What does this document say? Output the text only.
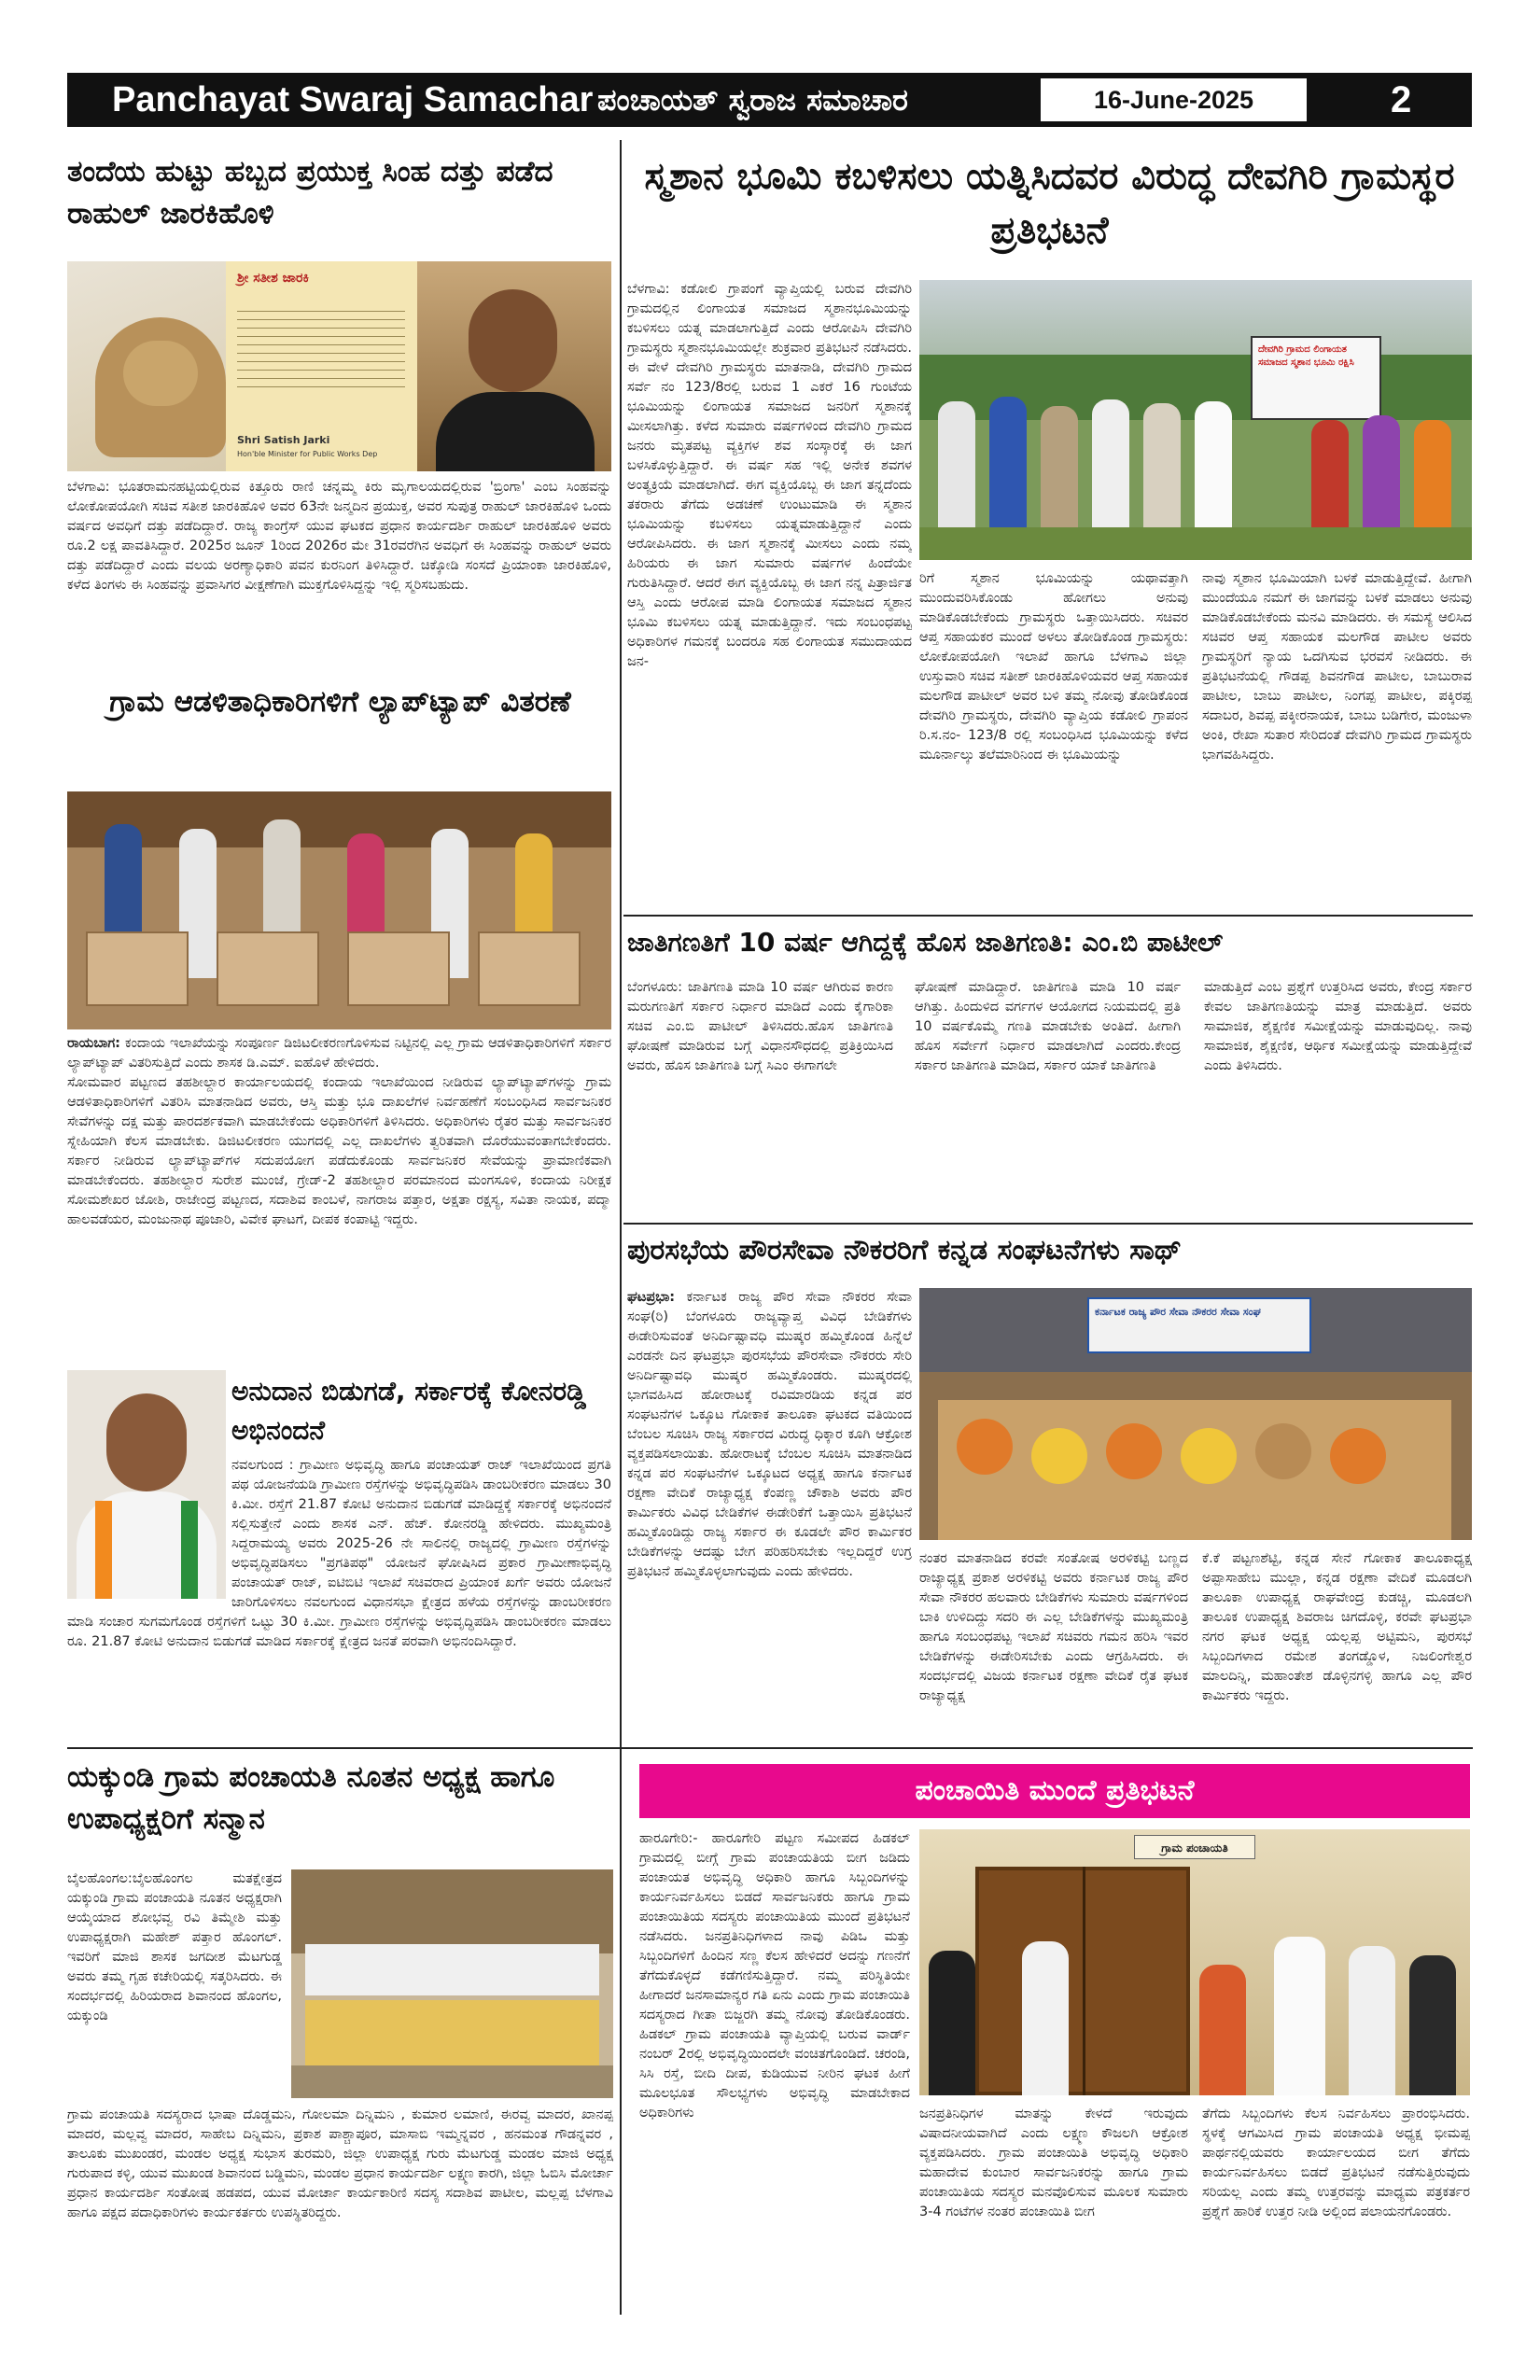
Panchayat Swaraj Samachar ಪಂಚಾಯತ್ ಸ್ವರಾಜ ಸಮಾಚಾರ	16-June-2025	2
ತಂದೆಯ ಹುಟ್ಟು ಹಬ್ಬದ ಪ್ರಯುಕ್ತ ಸಿಂಹ ದತ್ತು ಪಡೆದ ರಾಹುಲ್ ಜಾರಕಿಹೊಳಿ
ಶ್ರೀ ಸತೀಶ ಜಾರಕಿ
Shri Satish Jarki
Hon'ble Minister for Public Works Dep
ಬೆಳಗಾವಿ: ಭೂತರಾಮನಹಟ್ಟಿಯಲ್ಲಿರುವ ಕಿತ್ತೂರು ರಾಣಿ ಚನ್ನಮ್ಮ ಕಿರು ಮೃಗಾಲಯದಲ್ಲಿರುವ 'ಬ್ರಿಂಗಾ' ಎಂಬ ಸಿಂಹವನ್ನು ಲೋಕೋಪಯೋಗಿ ಸಚಿವ ಸತೀಶ ಜಾರಕಿಹೊಳಿ ಅವರ 63ನೇ ಜನ್ಮದಿನ ಪ್ರಯುಕ್ತ, ಅವರ ಸುಪುತ್ರ ರಾಹುಲ್ ಜಾರಕಿಹೊಳಿ ಒಂದು ವರ್ಷದ ಅವಧಿಗೆ ದತ್ತು ಪಡೆದಿದ್ದಾರೆ. ರಾಜ್ಯ ಕಾಂಗ್ರೆಸ್ ಯುವ ಘಟಕದ ಪ್ರಧಾನ ಕಾರ್ಯದರ್ಶಿ ರಾಹುಲ್ ಜಾರಕಿಹೊಳಿ ಅವರು ರೂ.2 ಲಕ್ಷ ಪಾವತಿಸಿದ್ದಾರೆ. 2025ರ ಜೂನ್ 1ರಿಂದ 2026ರ ಮೇ 31ರವರೆಗಿನ ಅವಧಿಗೆ ಈ ಸಿಂಹವನ್ನು ರಾಹುಲ್ ಅವರು ದತ್ತು ಪಡೆದಿದ್ದಾರೆ ಎಂದು ವಲಯ ಅರಣ್ಯಾಧಿಕಾರಿ ಪವನ ಕುರನಿಂಗ ತಿಳಿಸಿದ್ದಾರೆ. ಚಿಕ್ಕೋಡಿ ಸಂಸದೆ ಪ್ರಿಯಾಂಕಾ ಜಾರಕಿಹೊಳಿ, ಕಳೆದ ತಿಂಗಳು ಈ ಸಿಂಹವನ್ನು ಪ್ರವಾಸಿಗರ ವೀಕ್ಷಣೆಗಾಗಿ ಮುಕ್ತಗೊಳಿಸಿದ್ದನ್ನು ಇಲ್ಲಿ ಸ್ಮರಿಸಬಹುದು.
ಗ್ರಾಮ ಆಡಳಿತಾಧಿಕಾರಿಗಳಿಗೆ ಲ್ಯಾಪ್‌ಟ್ಯಾಪ್ ವಿತರಣೆ
ರಾಯಬಾಗ: ಕಂದಾಯ ಇಲಾಖೆಯನ್ನು ಸಂಪೂರ್ಣ ಡಿಜಿಟಲೀಕರಣಗೊಳಿಸುವ ನಿಟ್ಟಿನಲ್ಲಿ ಎಲ್ಲ ಗ್ರಾಮ ಆಡಳಿತಾಧಿಕಾರಿಗಳಿಗೆ ಸರ್ಕಾರ ಲ್ಯಾಪ್‌ಟ್ಯಾಪ್ ವಿತರಿಸುತ್ತಿದೆ ಎಂದು ಶಾಸಕ ಡಿ.ಎಮ್. ಐಹೊಳೆ ಹೇಳಿದರು.
ಸೋಮವಾರ ಪಟ್ಟಣದ ತಹಶೀಲ್ದಾರ ಕಾರ್ಯಾಲಯದಲ್ಲಿ ಕಂದಾಯ ಇಲಾಖೆಯಿಂದ ನೀಡಿರುವ ಲ್ಯಾಪ್‌ಟ್ಯಾಪ್‌ಗಳನ್ನು ಗ್ರಾಮ ಆಡಳಿತಾಧಿಕಾರಿಗಳಿಗೆ ವಿತರಿಸಿ ಮಾತನಾಡಿದ ಅವರು, ಆಸ್ತಿ ಮತ್ತು ಭೂ ದಾಖಲೆಗಳ ನಿರ್ವಹಣೆಗೆ ಸಂಬಂಧಿಸಿದ ಸಾರ್ವಜನಿಕರ ಸೇವೆಗಳನ್ನು ದಕ್ಷ ಮತ್ತು ಪಾರದರ್ಶಕವಾಗಿ ಮಾಡಬೇಕೆಂದು ಅಧಿಕಾರಿಗಳಿಗೆ ತಿಳಿಸಿದರು. ಅಧಿಕಾರಿಗಳು ರೈತರ ಮತ್ತು ಸಾರ್ವಜನಿಕರ ಸ್ನೇಹಿಯಾಗಿ ಕೆಲಸ ಮಾಡಬೇಕು. ಡಿಜಿಟಲೀಕರಣ ಯುಗದಲ್ಲಿ ಎಲ್ಲ ದಾಖಲೆಗಳು ತ್ವರಿತವಾಗಿ ದೊರೆಯುವಂತಾಗಬೇಕೆಂದರು. ಸರ್ಕಾರ ನೀಡಿರುವ ಲ್ಯಾಪ್‌ಟ್ಯಾಪ್‌ಗಳ ಸದುಪಯೋಗ ಪಡೆದುಕೊಂಡು ಸಾರ್ವಜನಿಕರ ಸೇವೆಯನ್ನು ಪ್ರಾಮಾಣಿಕವಾಗಿ ಮಾಡಬೇಕೆಂದರು. ತಹಶೀಲ್ದಾರ ಸುರೇಶ ಮುಂಜೆ, ಗ್ರೇಡ್-2 ತಹಶೀಲ್ದಾರ ಪರಮಾನಂದ ಮಂಗಸೂಳಿ, ಕಂದಾಯ ನಿರೀಕ್ಷಕ ಸೋಮಶೇಖರ ಜೋಶಿ, ರಾಜೇಂದ್ರ ಪಟ್ಟಣದ, ಸದಾಶಿವ ಕಾಂಬಳೆ, ನಾಗರಾಜ ಪತ್ತಾರ, ಅಕ್ಷತಾ ರಕ್ಷಸ್ಯ, ಸವಿತಾ ನಾಯಕ, ಪದ್ಮಾ ಹಾಲವಡೆಯರ, ಮಂಜುನಾಥ ಪೂಜಾರಿ, ವಿವೇಕ ಘಾಟಗೆ, ದೀಪಕ ಕಂಪಾಟ್ಟಿ ಇದ್ದರು.
ಅನುದಾನ ಬಿಡುಗಡೆ, ಸರ್ಕಾರಕ್ಕೆ ಕೋನರಡ್ಡಿ ಅಭಿನಂದನೆ
ನವಲಗುಂದ : ಗ್ರಾಮೀಣ ಅಭಿವೃದ್ಧಿ ಹಾಗೂ ಪಂಚಾಯತ್ ರಾಜ್ ಇಲಾಖೆಯಿಂದ ಪ್ರಗತಿ ಪಥ ಯೋಜನೆಯಡಿ ಗ್ರಾಮೀಣ ರಸ್ತೆಗಳನ್ನು ಅಭಿವೃದ್ಧಿಪಡಿಸಿ ಡಾಂಬರೀಕರಣ ಮಾಡಲು 30 ಕಿ.ಮೀ. ರಸ್ತೆಗೆ 21.87 ಕೋಟಿ ಅನುದಾನ ಬಿಡುಗಡೆ ಮಾಡಿದ್ದಕ್ಕೆ ಸರ್ಕಾರಕ್ಕೆ ಅಭಿನಂದನೆ ಸಲ್ಲಿಸುತ್ತೇನೆ ಎಂದು ಶಾಸಕ ಎನ್. ಹೆಚ್. ಕೋನರಡ್ಡಿ ಹೇಳಿದರು. ಮುಖ್ಯಮಂತ್ರಿ ಸಿದ್ದರಾಮಯ್ಯ ಅವರು 2025-26 ನೇ ಸಾಲಿನಲ್ಲಿ ರಾಜ್ಯದಲ್ಲಿ ಗ್ರಾಮೀಣ ರಸ್ತೆಗಳನ್ನು ಅಭಿವೃದ್ಧಿಪಡಿಸಲು "ಪ್ರಗತಿಪಥ" ಯೋಜನೆ ಘೋಷಿಸಿದ ಪ್ರಕಾರ ಗ್ರಾಮೀಣಾಭಿವೃದ್ಧಿ ಪಂಚಾಯತ್ ರಾಜ್, ಐಟಿಬಿಟಿ ಇಲಾಖೆ ಸಚಿವರಾದ ಪ್ರಿಯಾಂಕ ಖರ್ಗೆ ಅವರು ಯೋಜನೆ ಜಾರಿಗೊಳಿಸಲು ನವಲಗುಂದ ವಿಧಾನಸಭಾ ಕ್ಷೇತ್ರದ ಹಳೆಯ ರಸ್ತೆಗಳನ್ನು ಡಾಂಬರೀಕರಣ ಮಾಡಿ ಸಂಚಾರ ಸುಗಮಗೊಂಡ ರಸ್ತೆಗಳಿಗೆ ಒಟ್ಟು 30 ಕಿ.ಮೀ. ಗ್ರಾಮೀಣ ರಸ್ತೆಗಳನ್ನು ಅಭಿವೃದ್ಧಿಪಡಿಸಿ ಡಾಂಬರೀಕರಣ ಮಾಡಲು ರೂ. 21.87 ಕೋಟಿ ಅನುದಾನ ಬಿಡುಗಡೆ ಮಾಡಿದ ಸರ್ಕಾರಕ್ಕೆ ಕ್ಷೇತ್ರದ ಜನತೆ ಪರವಾಗಿ ಅಭಿನಂದಿಸಿದ್ದಾರೆ.
ಸ್ಮಶಾನ ಭೂಮಿ ಕಬಳಿಸಲು ಯತ್ನಿಸಿದವರ ವಿರುದ್ಧ ದೇವಗಿರಿ ಗ್ರಾಮಸ್ಥರ ಪ್ರತಿಭಟನೆ
ಬೆಳಗಾವಿ: ಕಡೋಲಿ ಗ್ರಾಪಂಗೆ ವ್ಯಾಪ್ತಿಯಲ್ಲಿ ಬರುವ ದೇವಗಿರಿ ಗ್ರಾಮದಲ್ಲಿನ ಲಿಂಗಾಯತ ಸಮಾಜದ ಸ್ಮಶಾನಭೂಮಿಯನ್ನು ಕಬಳಿಸಲು ಯತ್ನ ಮಾಡಲಾಗುತ್ತಿದೆ ಎಂದು ಆರೋಪಿಸಿ ದೇವಗಿರಿ ಗ್ರಾಮಸ್ಥರು ಸ್ಮಶಾನಭೂಮಿಯಲ್ಲೇ ಶುಕ್ರವಾರ ಪ್ರತಿಭಟನೆ ನಡೆಸಿದರು. ಈ ವೇಳೆ ದೇವಗಿರಿ ಗ್ರಾಮಸ್ಥರು ಮಾತನಾಡಿ, ದೇವಗಿರಿ ಗ್ರಾಮದ ಸರ್ವೆ ನಂ 123/8ರಲ್ಲಿ ಬರುವ 1 ಎಕರೆ 16 ಗುಂಟೆಯ ಭೂಮಿಯನ್ನು ಲಿಂಗಾಯತ ಸಮಾಜದ ಜನರಿಗೆ ಸ್ಮಶಾನಕ್ಕೆ ಮೀಸಲಾಗಿತ್ತು. ಕಳೆದ ಸುಮಾರು ವರ್ಷಗಳಿಂದ ದೇವಗಿರಿ ಗ್ರಾಮದ ಜನರು ಮೃತಪಟ್ಟ ವ್ಯಕ್ತಿಗಳ ಶವ ಸಂಸ್ಕಾರಕ್ಕೆ ಈ ಜಾಗ ಬಳಸಿಕೊಳ್ಳುತ್ತಿದ್ದಾರೆ. ಈ ವರ್ಷ ಸಹ ಇಲ್ಲಿ ಅನೇಕ ಶವಗಳ ಅಂತ್ಯಕ್ರಿಯೆ ಮಾಡಲಾಗಿದೆ. ಈಗ ವ್ಯಕ್ತಿಯೊಬ್ಬ ಈ ಜಾಗ ತನ್ನದೆಂದು ತಕರಾರು ತೆಗೆದು ಅಡಚಣೆ ಉಂಟುಮಾಡಿ ಈ ಸ್ಮಶಾನ ಭೂಮಿಯನ್ನು ಕಬಳಿಸಲು ಯತ್ನಮಾಡುತ್ತಿದ್ದಾನೆ ಎಂದು ಆರೋಪಿಸಿದರು. ಈ ಜಾಗ ಸ್ಮಶಾನಕ್ಕೆ ಮೀಸಲು ಎಂದು ನಮ್ಮ ಹಿರಿಯರು ಈ ಜಾಗ ಸುಮಾರು ವರ್ಷಗಳ ಹಿಂದೆಯೇ ಗುರುತಿಸಿದ್ದಾರೆ. ಆದರೆ ಈಗ ವ್ಯಕ್ತಿಯೊಬ್ಬ ಈ ಜಾಗ ನನ್ನ ಪಿತ್ರಾರ್ಜಿತ ಆಸ್ತಿ ಎಂದು ಆರೋಪ ಮಾಡಿ ಲಿಂಗಾಯತ ಸಮಾಜದ ಸ್ಮಶಾನ ಭೂಮಿ ಕಬಳಿಸಲು ಯತ್ನ ಮಾಡುತ್ತಿದ್ದಾನೆ. ಇದು ಸಂಬಂಧಪಟ್ಟ ಅಧಿಕಾರಿಗಳ ಗಮನಕ್ಕೆ ಬಂದರೂ ಸಹ ಲಿಂಗಾಯತ ಸಮುದಾಯದ ಜನ-
ದೇವಗಿರಿ ಗ್ರಾಮದ ಲಿಂಗಾಯತ ಸಮಾಜದ ಸ್ಮಶಾನ ಭೂಮಿ ರಕ್ಷಿಸಿ
ರಿಗೆ ಸ್ಮಶಾನ ಭೂಮಿಯನ್ನು ಯಥಾವತ್ತಾಗಿ ಮುಂದುವರಿಸಿಕೊಂಡು ಹೋಗಲು ಅನುವು ಮಾಡಿಕೊಡಬೇಕೆಂದು ಗ್ರಾಮಸ್ಥರು ಒತ್ತಾಯಿಸಿದರು. ಸಚಿವರ ಆಪ್ತ ಸಹಾಯಕರ ಮುಂದೆ ಅಳಲು ತೋಡಿಕೊಂಡ ಗ್ರಾಮಸ್ಥರು: ಲೋಕೋಪಯೋಗಿ ಇಲಾಖೆ ಹಾಗೂ ಬೆಳಗಾವಿ ಜಿಲ್ಲಾ ಉಸ್ತುವಾರಿ ಸಚಿವ ಸತೀಶ್ ಜಾರಕಿಹೊಳಿಯವರ ಆಪ್ತ ಸಹಾಯಕ ಮಲಗೌಡ ಪಾಟೀಲ್ ಅವರ ಬಳಿ ತಮ್ಮ ನೋವು ತೋಡಿಕೊಂಡ ದೇವಗಿರಿ ಗ್ರಾಮಸ್ಥರು, ದೇವಗಿರಿ ವ್ಯಾಪ್ತಿಯ ಕಡೋಲಿ ಗ್ರಾಪಂನ ರಿ.ಸ.ನಂ- 123/8 ರಲ್ಲಿ ಸಂಬಂಧಿಸಿದ ಭೂಮಿಯನ್ನು ಕಳೆದ ಮೂರ್ನಾಲ್ಕು ತಲೆಮಾರಿನಿಂದ ಈ ಭೂಮಿಯನ್ನು
ನಾವು ಸ್ಮಶಾನ ಭೂಮಿಯಾಗಿ ಬಳಕೆ ಮಾಡುತ್ತಿದ್ದೇವೆ. ಹೀಗಾಗಿ ಮುಂದೆಯೂ ನಮಗೆ ಈ ಜಾಗವನ್ನು ಬಳಕೆ ಮಾಡಲು ಅನುವು ಮಾಡಿಕೊಡಬೇಕೆಂದು ಮನವಿ ಮಾಡಿದರು. ಈ ಸಮಸ್ಯೆ ಆಲಿಸಿದ ಸಚಿವರ ಆಪ್ತ ಸಹಾಯಕ ಮಲಗೌಡ ಪಾಟೀಲ ಅವರು ಗ್ರಾಮಸ್ಥರಿಗೆ ನ್ಯಾಯ ಒದಗಿಸುವ ಭರವಸೆ ನೀಡಿದರು. ಈ ಪ್ರತಿಭಟನೆಯಲ್ಲಿ ಗೌಡಪ್ಪ ಶಿವನಗೌಡ ಪಾಟೀಲ, ಬಾಬುರಾವ ಪಾಟೀಲ, ಬಾಬು ಪಾಟೀಲ, ನಿಂಗಪ್ಪ ಪಾಟೀಲ, ಪಕ್ಕಿರಪ್ಪ ಸದಾಬರ, ಶಿವಪ್ಪ ಪಕ್ಕೀರನಾಯಕ, ಬಾಬು ಬಡಿಗೇರ, ಮಂಜುಳಾ ಅಂಕಿ, ರೇಖಾ ಸುತಾರ ಸೇರಿದಂತೆ ದೇವಗಿರಿ ಗ್ರಾಮದ ಗ್ರಾಮಸ್ಥರು ಭಾಗವಹಿಸಿದ್ದರು.
ಜಾತಿಗಣತಿಗೆ 10 ವರ್ಷ ಆಗಿದ್ದಕ್ಕೆ ಹೊಸ ಜಾತಿಗಣತಿ: ಎಂ.ಬಿ ಪಾಟೀಲ್
ಬೆಂಗಳೂರು: ಜಾತಿಗಣತಿ ಮಾಡಿ 10 ವರ್ಷ ಆಗಿರುವ ಕಾರಣ ಮರುಗಣತಿಗೆ ಸರ್ಕಾರ ನಿರ್ಧಾರ ಮಾಡಿದೆ ಎಂದು ಕೈಗಾರಿಕಾ ಸಚಿವ ಎಂ.ಬಿ ಪಾಟೀಲ್ ತಿಳಿಸಿದರು.ಹೊಸ ಜಾತಿಗಣತಿ ಘೋಷಣೆ ಮಾಡಿರುವ ಬಗ್ಗೆ ವಿಧಾನಸೌಧದಲ್ಲಿ ಪ್ರತಿಕ್ರಿಯಿಸಿದ ಅವರು, ಹೊಸ ಜಾತಿಗಣತಿ ಬಗ್ಗೆ ಸಿಎಂ ಈಗಾಗಲೇ
ಘೋಷಣೆ ಮಾಡಿದ್ದಾರೆ. ಜಾತಿಗಣತಿ ಮಾಡಿ 10 ವರ್ಷ ಆಗಿತ್ತು. ಹಿಂದುಳಿದ ವರ್ಗಗಳ ಆಯೋಗದ ನಿಯಮದಲ್ಲಿ ಪ್ರತಿ 10 ವರ್ಷಕೊಮ್ಮೆ ಗಣತಿ ಮಾಡಬೇಕು ಅಂತಿದೆ. ಹೀಗಾಗಿ ಹೊಸ ಸರ್ವೇಗೆ ನಿರ್ಧಾರ ಮಾಡಲಾಗಿದೆ ಎಂದರು.ಕೇಂದ್ರ ಸರ್ಕಾರ ಜಾತಿಗಣತಿ ಮಾಡಿದ, ಸರ್ಕಾರ ಯಾಕೆ ಜಾತಿಗಣತಿ
ಮಾಡುತ್ತಿದೆ ಎಂಬ ಪ್ರಶ್ನೆಗೆ ಉತ್ತರಿಸಿದ ಅವರು, ಕೇಂದ್ರ ಸರ್ಕಾರ ಕೇವಲ ಜಾತಿಗಣತಿಯನ್ನು ಮಾತ್ರ ಮಾಡುತ್ತಿದೆ. ಅವರು ಸಾಮಾಜಿಕ, ಶೈಕ್ಷಣಿಕ ಸಮೀಕ್ಷೆಯನ್ನು ಮಾಡುವುದಿಲ್ಲ. ನಾವು ಸಾಮಾಜಿಕ, ಶೈಕ್ಷಣಿಕ, ಆರ್ಥಿಕ ಸಮೀಕ್ಷೆಯನ್ನು ಮಾಡುತ್ತಿದ್ದೇವೆ ಎಂದು ತಿಳಿಸಿದರು.
ಪುರಸಭೆಯ ಪೌರಸೇವಾ ನೌಕರರಿಗೆ ಕನ್ನಡ ಸಂಘಟನೆಗಳು ಸಾಥ್
ಘಟಪ್ರಭಾ: ಕರ್ನಾಟಕ ರಾಜ್ಯ ಪೌರ ಸೇವಾ ನೌಕರರ ಸೇವಾ ಸಂಘ(ರಿ) ಬೆಂಗಳೂರು ರಾಜ್ಯವ್ಯಾಪ್ತ ವಿವಿಧ ಬೇಡಿಕೆಗಳು ಈಡೇರಿಸುವಂತೆ ಅನಿರ್ದಿಷ್ಟಾವಧಿ ಮುಷ್ಕರ ಹಮ್ಮಿಕೊಂಡ ಹಿನ್ನೆಲೆ ಎರಡನೇ ದಿನ ಘಟಪ್ರಭಾ ಪುರಸಭೆಯ ಪೌರಸೇವಾ ನೌಕರರು ಸೇರಿ ಅನಿರ್ದಿಷ್ಟಾವಧಿ ಮುಷ್ಕರ ಹಮ್ಮಿಕೊಂಡರು. ಮುಷ್ಕರದಲ್ಲಿ ಭಾಗವಹಿಸಿದ ಹೋರಾಟಕ್ಕೆ ರವಿಮಾರಡಿಯ ಕನ್ನಡ ಪರ ಸಂಘಟನೆಗಳ ಒಕ್ಕೂಟ ಗೋಕಾಕ ತಾಲೂಕಾ ಘಟಕದ ವತಿಯಿಂದ ಬೆಂಬಲ ಸೂಚಿಸಿ ರಾಜ್ಯ ಸರ್ಕಾರದ ವಿರುದ್ಧ ಧಿಕ್ಕಾರ ಕೂಗಿ ಆಕ್ರೋಶ ವ್ಯಕ್ತಪಡಿಸಲಾಯಿತು. ಹೋರಾಟಕ್ಕೆ ಬೆಂಬಲ ಸೂಚಿಸಿ ಮಾತನಾಡಿದ ಕನ್ನಡ ಪರ ಸಂಘಟನೆಗಳ ಒಕ್ಕೂಟದ ಅಧ್ಯಕ್ಷ ಹಾಗೂ ಕರ್ನಾಟಕ ರಕ್ಷಣಾ ವೇದಿಕೆ ರಾಜ್ಯಾಧ್ಯಕ್ಷ ಕೆಂಪಣ್ಣ ಚೌಕಾಶಿ ಅವರು ಪೌರ ಕಾರ್ಮಿಕರು ವಿವಿಧ ಬೇಡಿಕೆಗಳ ಈಡೇರಿಕೆಗೆ ಒತ್ತಾಯಿಸಿ ಪ್ರತಿಭಟನೆ ಹಮ್ಮಿಕೊಂಡಿದ್ದು ರಾಜ್ಯ ಸರ್ಕಾರ ಈ ಕೂಡಲೇ ಪೌರ ಕಾರ್ಮಿಕರ ಬೇಡಿಕೆಗಳನ್ನು ಆದಷ್ಟು ಬೇಗ ಪರಿಹರಿಸಬೇಕು ಇಲ್ಲದಿದ್ದರೆ ಉಗ್ರ ಪ್ರತಿಭಟನೆ ಹಮ್ಮಿಕೊಳ್ಳಲಾಗುವುದು ಎಂದು ಹೇಳಿದರು.
ಕರ್ನಾಟಕ ರಾಜ್ಯ ಪೌರ ಸೇವಾ ನೌಕರರ ಸೇವಾ ಸಂಘ
ನಂತರ ಮಾತನಾಡಿದ ಕರವೇ ಸಂತೋಷ ಅರಳಿಕಟ್ಟಿ ಬಣ್ಣದ ರಾಜ್ಯಾಧ್ಯಕ್ಷ ಪ್ರಕಾಶ ಅರಳಿಕಟ್ಟಿ ಅವರು ಕರ್ನಾಟಕ ರಾಜ್ಯ ಪೌರ ಸೇವಾ ನೌಕರರ ಹಲವಾರು ಬೇಡಿಕೆಗಳು ಸುಮಾರು ವರ್ಷಗಳಿಂದ ಬಾಕಿ ಉಳಿದಿದ್ದು ಸದರಿ ಈ ಎಲ್ಲ ಬೇಡಿಕೆಗಳನ್ನು ಮುಖ್ಯಮಂತ್ರಿ ಹಾಗೂ ಸಂಬಂಧಪಟ್ಟ ಇಲಾಖೆ ಸಚಿವರು ಗಮನ ಹರಿಸಿ ಇವರ ಬೇಡಿಕೆಗಳನ್ನು ಈಡೇರಿಸಬೇಕು ಎಂದು ಆಗ್ರಹಿಸಿದರು. ಈ ಸಂದರ್ಭದಲ್ಲಿ ವಿಜಯ ಕರ್ನಾಟಕ ರಕ್ಷಣಾ ವೇದಿಕೆ ರೈತ ಘಟಕ ರಾಜ್ಯಾಧ್ಯಕ್ಷ
ಕೆ.ಕೆ ಪಟ್ಟಣಶೆಟ್ಟಿ, ಕನ್ನಡ ಸೇನೆ ಗೋಕಾಕ ತಾಲೂಕಾಧ್ಯಕ್ಷ ಅಪ್ಪಾಸಾಹೇಬ ಮುಲ್ಲಾ, ಕನ್ನಡ ರಕ್ಷಣಾ ವೇದಿಕೆ ಮೂಡಲಗಿ ತಾಲೂಕಾ ಉಪಾಧ್ಯಕ್ಷ ರಾಘವೇಂದ್ರ ಕುಡಚ್ಚಿ, ಮೂಡಲಗಿ ತಾಲೂಕ ಉಪಾಧ್ಯಕ್ಷ ಶಿವರಾಜ ಚಿಗದೊಳ್ಳಿ, ಕರವೇ ಘಟಪ್ರಭಾ ನಗರ ಘಟಕ ಅಧ್ಯಕ್ಷ ಯಲ್ಲಪ್ಪ ಅಟ್ಟಿಮನಿ, ಪುರಸಭೆ ಸಿಬ್ಬಂದಿಗಳಾದ ರಮೇಶ ತಂಗಡ್ಡೊಳ, ನಿಜಲಿಂಗೇಶ್ವರ ಮಾಲದಿನ್ನಿ, ಮಹಾಂತೇಶ ಡೊಳ್ಳಿನಗಳ್ಳಿ ಹಾಗೂ ಎಲ್ಲ ಪೌರ ಕಾರ್ಮಿಕರು ಇದ್ದರು.
ಯಕ್ಕುಂಡಿ ಗ್ರಾಮ ಪಂಚಾಯತಿ ನೂತನ ಅಧ್ಯಕ್ಷ ಹಾಗೂ ಉಪಾಧ್ಯಕ್ಷರಿಗೆ ಸನ್ಮಾನ
ಬೈಲಹೊಂಗಲ:ಬೈಲಹೊಂಗಲ ಮತಕ್ಷೇತ್ರದ ಯಕ್ಕುಂಡಿ ಗ್ರಾಮ ಪಂಚಾಯತಿ ನೂತನ ಅಧ್ಯಕ್ಷರಾಗಿ ಆಯ್ಕೆಯಾದ ಶೋಭವ್ವ ರವಿ ತಿಮ್ಮೇಶಿ ಮತ್ತು ಉಪಾಧ್ಯಕ್ಷರಾಗಿ ಮಹೇಶ್ ಪತ್ತಾರ ಹೊಂಗಲ್. ಇವರಿಗೆ ಮಾಜಿ ಶಾಸಕ ಜಗದೀಶ ಮೆಟಗುಡ್ಡ ಅವರು ತಮ್ಮ ಗೃಹ ಕಚೇರಿಯಲ್ಲಿ ಸತ್ಕರಿಸಿದರು. ಈ ಸಂದರ್ಭದಲ್ಲಿ ಹಿರಿಯರಾದ ಶಿವಾನಂದ ಹೊಂಗಲ, ಯಕ್ಕುಂಡಿ
ಗ್ರಾಮ ಪಂಚಾಯತಿ ಸದಸ್ಯರಾದ ಭಾಷಾ ದೊಡ್ಡಮನಿ, ಗೋಲಮಾ ದಿನ್ನಿಮನಿ , ಕುಮಾರ ಲಮಾಣಿ, ಈರವ್ವ ಮಾದರ, ಖಾನಪ್ಪ ಮಾದರ, ಮಲ್ಲವ್ವ ಮಾದರ, ಸಾಹೇಬ ದಿನ್ನಿಮನಿ, ಪ್ರಕಾಶ ಪಾಶ್ಚಾಪೂರ, ಮಾಸಾಬಿ ಇಮ್ಮನ್ನವರ , ಹನಮಂತ ಗೌಡನ್ನವರ , ತಾಲೂಕು ಮುಖಂಡರ, ಮಂಡಲ ಅಧ್ಯಕ್ಷ ಸುಭಾಸ ತುರಮರಿ, ಜಿಲ್ಲಾ ಉಪಾಧ್ಯಕ್ಷ ಗುರು ಮೆಟಗುಡ್ಡ ಮಂಡಲ ಮಾಜಿ ಅಧ್ಯಕ್ಷ ಗುರುಪಾದ ಕಳ್ಳಿ, ಯುವ ಮುಖಂಡ ಶಿವಾನಂದ ಬಡ್ಡಿಮನಿ, ಮಂಡಲ ಪ್ರಧಾನ ಕಾರ್ಯದರ್ಶಿ ಲಕ್ಷ್ಮಣ ಕಾರಗಿ, ಜಿಲ್ಲಾ ಓಬಿಸಿ ಮೋರ್ಚಾ ಪ್ರಧಾನ ಕಾರ್ಯದರ್ಶಿ ಸಂತೋಷ ಹಡಪದ, ಯುವ ಮೋರ್ಚಾ ಕಾರ್ಯಕಾರಿಣಿ ಸದಸ್ಯ ಸದಾಶಿವ ಪಾಟೀಲ, ಮಲ್ಲಪ್ಪ ಬೆಳಗಾವಿ ಹಾಗೂ ಪಕ್ಷದ ಪದಾಧಿಕಾರಿಗಳು ಕಾರ್ಯಕರ್ತರು ಉಪಸ್ಥಿತರಿದ್ದರು.
ಪಂಚಾಯಿತಿ ಮುಂದೆ ಪ್ರತಿಭಟನೆ
ಹಾರೂಗೇರಿ:- ಹಾರೂಗೇರಿ ಪಟ್ಟಣ ಸಮೀಪದ ಹಿಡಕಲ್ ಗ್ರಾಮದಲ್ಲಿ ಬೀಗ್ಗೆ ಗ್ರಾಮ ಪಂಚಾಯತಿಯ ಬೀಗ ಜಡಿದು ಪಂಚಾಯತ ಅಭಿವೃದ್ಧಿ ಅಧಿಕಾರಿ ಹಾಗೂ ಸಿಬ್ಬಂದಿಗಳನ್ನು ಕಾರ್ಯನಿರ್ವಹಿಸಲು ಬಿಡದೆ ಸಾರ್ವಜನಿಕರು ಹಾಗೂ ಗ್ರಾಮ ಪಂಚಾಯಿತಿಯ ಸದಸ್ಯರು ಪಂಚಾಯಿತಿಯ ಮುಂದೆ ಪ್ರತಿಭಟನೆ ನಡೆಸಿದರು. ಜನಪ್ರತಿನಿಧಿಗಳಾದ ನಾವು ಪಿಡಿಒ ಮತ್ತು ಸಿಬ್ಬಂದಿಗಳಿಗೆ ಹಿಂದಿನ ಸಣ್ಣ ಕೆಲಸ ಹೇಳಿದರೆ ಅದನ್ನು ಗಣನೆಗೆ ತೆಗೆದುಕೊಳ್ಳದೆ ಕಡೆಗಣಿಸುತ್ತಿದ್ದಾರೆ. ನಮ್ಮ ಪರಿಸ್ಥಿತಿಯೇ ಹೀಗಾದರೆ ಜನಸಾಮಾನ್ಯರ ಗತಿ ಏನು ಎಂದು ಗ್ರಾಮ ಪಂಚಾಯಿತಿ ಸದಸ್ಯರಾದ ಗೀತಾ ಬಿಜ್ಜರಗಿ ತಮ್ಮ ನೋವು ತೋಡಿಕೊಂಡರು. ಹಿಡಕಲ್ ಗ್ರಾಮ ಪಂಚಾಯತಿ ವ್ಯಾಪ್ತಿಯಲ್ಲಿ ಬರುವ ವಾರ್ಡ್ ನಂಬರ್ 2ರಲ್ಲಿ ಅಭಿವೃದ್ಧಿಯಿಂದಲೇ ವಂಚಿತಗೊಂಡಿದೆ. ಚರಂಡಿ, ಸಿಸಿ ರಸ್ತೆ, ಬೀದಿ ದೀಪ, ಕುಡಿಯುವ ನೀರಿನ ಘಟಕ ಹೀಗೆ ಮೂಲಭೂತ ಸೌಲಭ್ಯಗಳು ಅಭಿವೃದ್ಧಿ ಮಾಡಬೇಕಾದ ಅಧಿಕಾರಿಗಳು
ಗ್ರಾಮ ಪಂಚಾಯತಿ
ಜನಪ್ರತಿನಿಧಿಗಳ ಮಾತನ್ನು ಕೇಳದೆ ಇರುವುದು ವಿಷಾದನೀಯವಾಗಿದೆ ಎಂದು ಲಕ್ಷ್ಮಣ ಕೌಜಲಗಿ ಆಕ್ರೋಶ ವ್ಯಕ್ತಪಡಿಸಿದರು. ಗ್ರಾಮ ಪಂಚಾಯಿತಿ ಅಭಿವೃದ್ಧಿ ಅಧಿಕಾರಿ ಮಹಾದೇವ ಕುಂಬಾರ ಸಾರ್ವಜನಿಕರನ್ನು ಹಾಗೂ ಗ್ರಾಮ ಪಂಚಾಯಿತಿಯ ಸದಸ್ಯರ ಮನವೊಲಿಸುವ ಮೂಲಕ ಸುಮಾರು 3-4 ಗಂಟೆಗಳ ನಂತರ ಪಂಚಾಯಿತಿ ಬೀಗ
ತೆಗೆದು ಸಿಬ್ಬಂದಿಗಳು ಕೆಲಸ ನಿರ್ವಹಿಸಲು ಪ್ರಾರಂಭಿಸಿದರು. ಸ್ಥಳಕ್ಕೆ ಆಗಮಿಸಿದ ಗ್ರಾಮ ಪಂಚಾಯತಿ ಅಧ್ಯಕ್ಷ ಭೀಮಪ್ಪ ಪಾರ್ಥನಲ್ಲಿಯವರು ಕಾರ್ಯಾಲಯದ ಬೀಗ ತೆಗೆದು ಕಾರ್ಯನಿರ್ವಹಿಸಲು ಬಿಡದೆ ಪ್ರತಿಭಟನೆ ನಡೆಸುತ್ತಿರುವುದು ಸರಿಯಲ್ಲ ಎಂದು ತಮ್ಮ ಉತ್ತರವನ್ನು ಮಾಧ್ಯಮ ಪತ್ರಕರ್ತರ ಪ್ರಶ್ನೆಗೆ ಹಾರಿಕೆ ಉತ್ತರ ನೀಡಿ ಅಲ್ಲಿಂದ ಪಲಾಯನಗೊಂಡರು.
